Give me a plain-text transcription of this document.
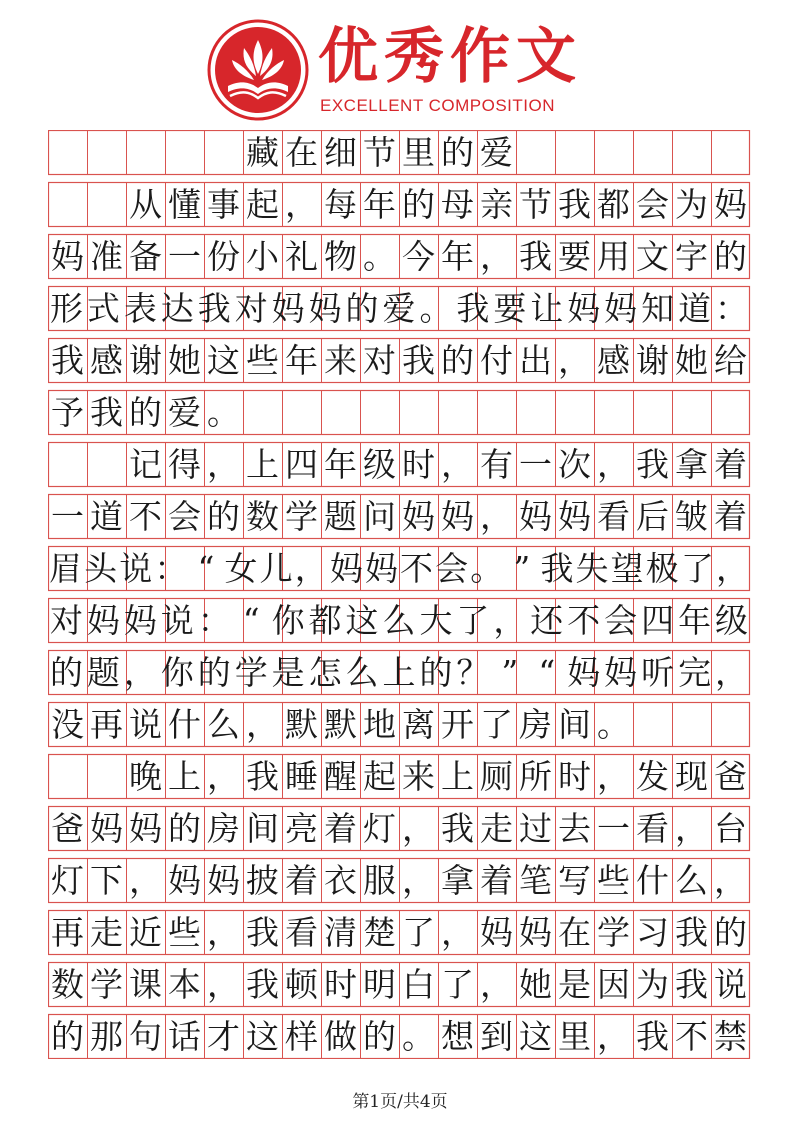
优秀作文
EXCELLENT COMPOSITION
藏 在 细 节 里 的 爱
从 懂 事 起 ， 每 年 的 母 亲 节 我 都 会 为 妈
妈 准 备 一 份 小 礼 物 。 今 年 ， 我 要 用 文 字 的
形 式 表 达 我 对 妈 妈 的 爱 。 我 要 让 妈 妈 知 道 ：
我 感 谢 她 这 些 年 来 对 我 的 付 出 ， 感 谢 她 给
予 我 的 爱 。
记 得 ， 上 四 年 级 时 ， 有 一 次 ， 我 拿 着
一 道 不 会 的 数 学 题 问 妈 妈 ， 妈 妈 看 后 皱 着
眉 头 说 ： “ 女 儿 ， 妈 妈 不 会 。 ” 我 失 望 极 了 ，
对 妈 妈 说 ： “ 你 都 这 么 大 了 ， 还 不 会 四 年 级
的 题 ， 你 的 学 是 怎 么 上 的 ？ ” “ 妈 妈 听 完 ，
没 再 说 什 么 ， 默 默 地 离 开 了 房 间 。
晚 上 ， 我 睡 醒 起 来 上 厕 所 时 ， 发 现 爸
爸 妈 妈 的 房 间 亮 着 灯 ， 我 走 过 去 一 看 ， 台
灯 下 ， 妈 妈 披 着 衣 服 ， 拿 着 笔 写 些 什 么 ，
再 走 近 些 ， 我 看 清 楚 了 ， 妈 妈 在 学 习 我 的
数 学 课 本 ， 我 顿 时 明 白 了 ， 她 是 因 为 我 说
的 那 句 话 才 这 样 做 的 。 想 到 这 里 ， 我 不 禁
第1页/共4页
